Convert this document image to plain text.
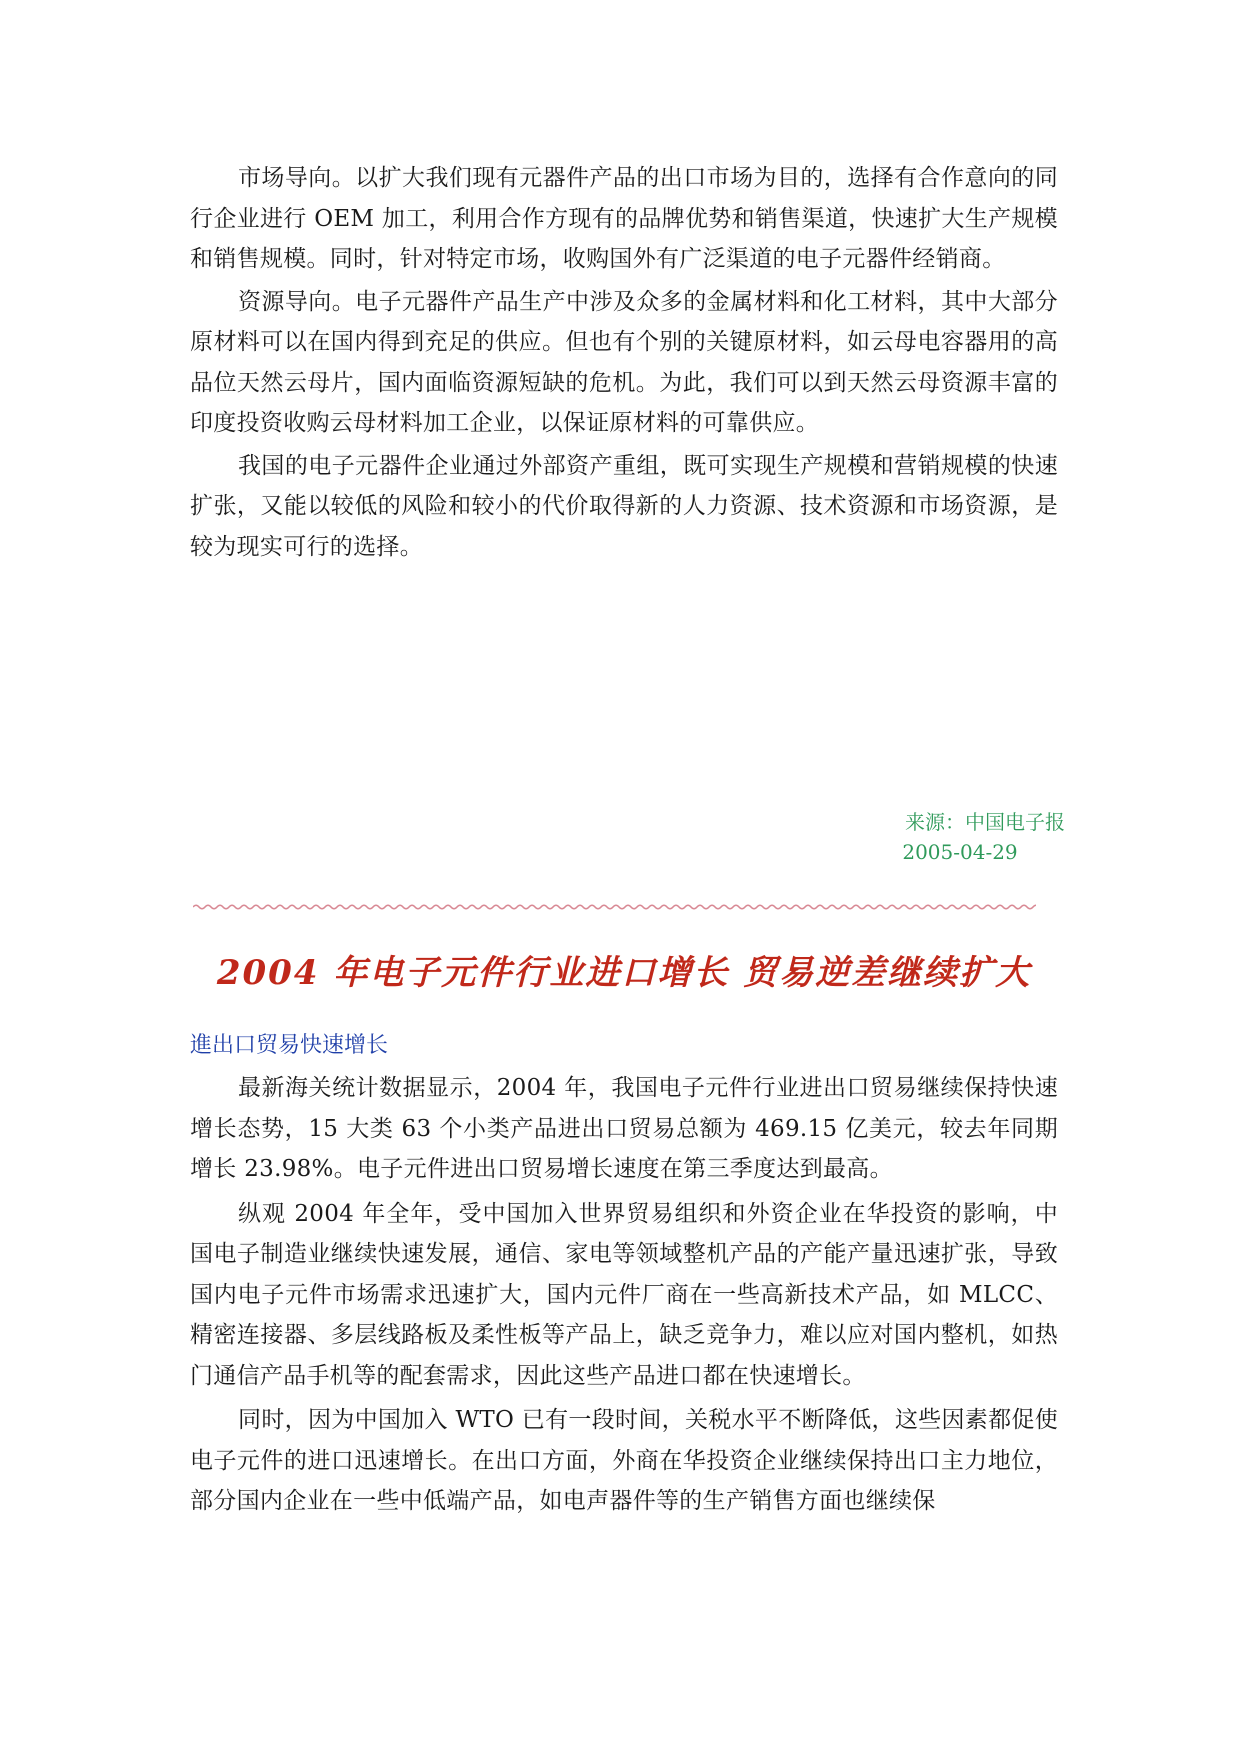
市场导向。以扩大我们现有元器件产品的出口市场为目的，选择有合作意向的同行企业进行 OEM 加工，利用合作方现有的品牌优势和销售渠道，快速扩大生产规模和销售规模。同时，针对特定市场，收购国外有广泛渠道的电子元器件经销商。

资源导向。电子元器件产品生产中涉及众多的金属材料和化工材料，其中大部分原材料可以在国内得到充足的供应。但也有个别的关键原材料，如云母电容器用的高品位天然云母片，国内面临资源短缺的危机。为此，我们可以到天然云母资源丰富的印度投资收购云母材料加工企业，以保证原材料的可靠供应。

我国的电子元器件企业通过外部资产重组，既可实现生产规模和营销规模的快速扩张，又能以较低的风险和较小的代价取得新的人力资源、技术资源和市场资源，是较为现实可行的选择。

来源：中国电子报
2005-04-29
2004 年电子元件行业进口增长 贸易逆差继续扩大

進出口贸易快速增长

最新海关统计数据显示，2004 年，我国电子元件行业进出口贸易继续保持快速增长态势，15 大类 63 个小类产品进出口贸易总额为 469.15 亿美元，较去年同期增长 23.98%。电子元件进出口贸易增长速度在第三季度达到最高。

纵观 2004 年全年，受中国加入世界贸易组织和外资企业在华投资的影响，中国电子制造业继续快速发展，通信、家电等领域整机产品的产能产量迅速扩张，导致国内电子元件市场需求迅速扩大，国内元件厂商在一些高新技术产品，如 MLCC、精密连接器、多层线路板及柔性板等产品上，缺乏竞争力，难以应对国内整机，如热门通信产品手机等的配套需求，因此这些产品进口都在快速增长。

同时，因为中国加入 WTO 已有一段时间，关税水平不断降低，这些因素都促使电子元件的进口迅速增长。在出口方面，外商在华投资企业继续保持出口主力地位，部分国内企业在一些中低端产品，如电声器件等的生产销售方面也继续保
